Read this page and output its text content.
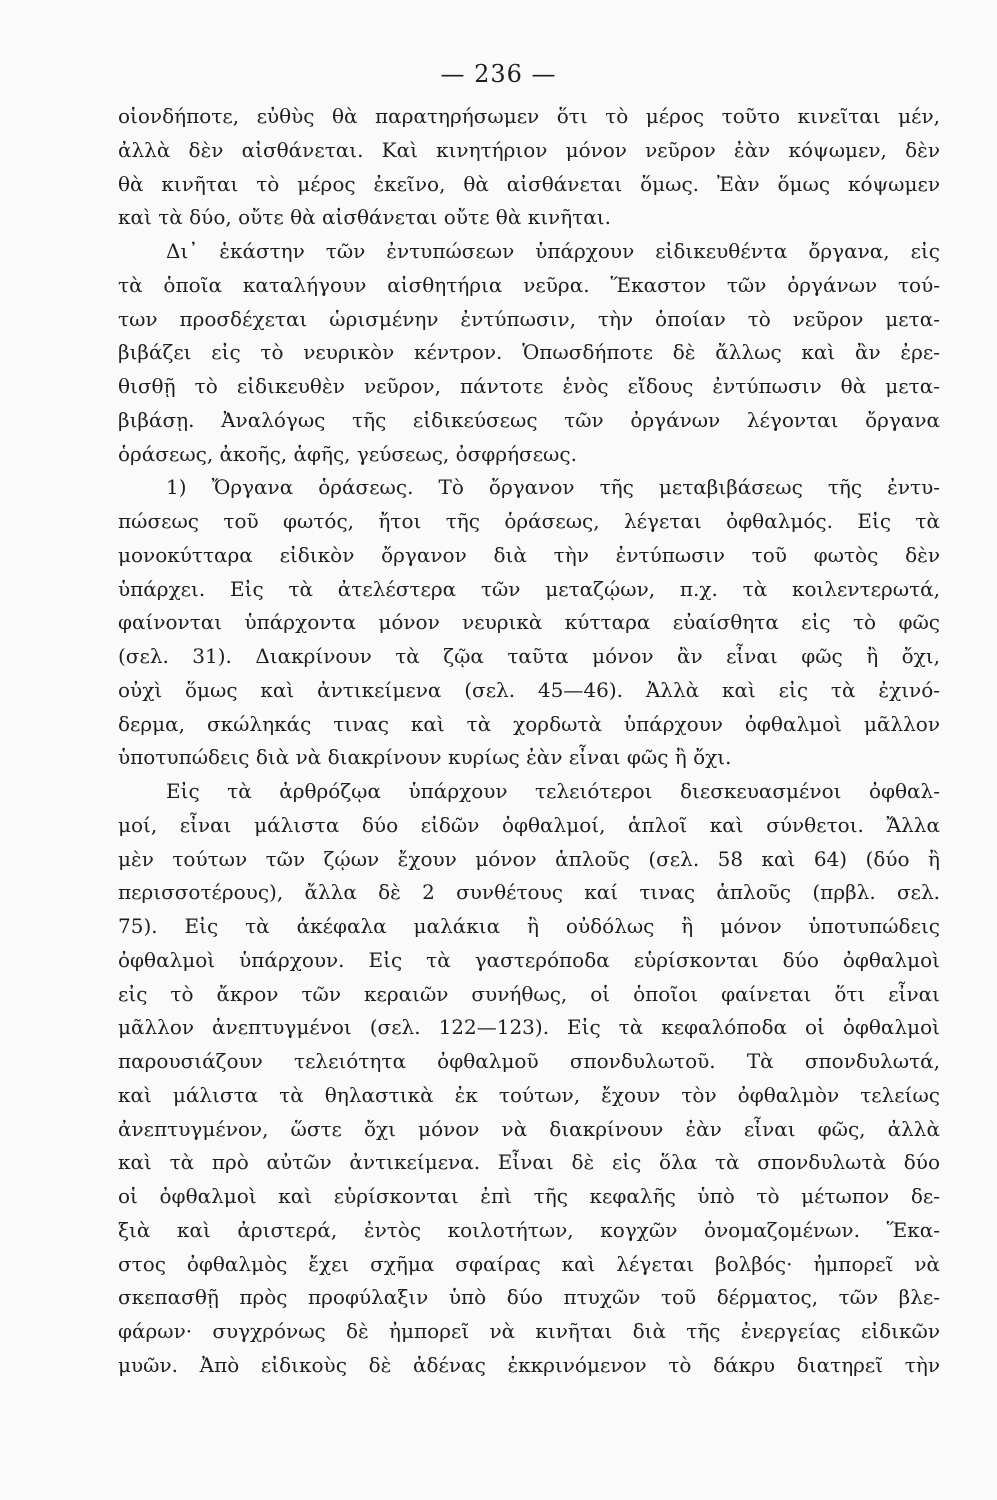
— 236 —
οἱονδήποτε, εὐθὺς θὰ παρατηρήσωμεν ὅτι τὸ μέρος τοῦτο κινεῖται μέν,
ἀλλὰ δὲν αἰσθάνεται. Καὶ κινητήριον μόνον νεῦρον ἐὰν κόψωμεν, δὲν
θὰ κινῆται τὸ μέρος ἐκεῖνο, θὰ αἰσθάνεται ὅμως. Ἐὰν ὅμως κόψωμεν
καὶ τὰ δύο, οὔτε θὰ αἰσθάνεται οὔτε θὰ κινῆται.
Δι᾿ ἑκάστην τῶν ἐντυπώσεων ὑπάρχουν εἰδικευθέντα ὄργανα, εἰς
τὰ ὁποῖα καταλήγουν αἰσθητήρια νεῦρα. Ἕκαστον τῶν ὀργάνων τού-
των προσδέχεται ὡρισμένην ἐντύπωσιν, τὴν ὁποίαν τὸ νεῦρον μετα-
βιβάζει εἰς τὸ νευρικὸν κέντρον. Ὁπωσδήποτε δὲ ἄλλως καὶ ἂν ἐρε-
θισθῇ τὸ εἰδικευθὲν νεῦρον, πάντοτε ἑνὸς εἴδους ἐντύπωσιν θὰ μετα-
βιβάσῃ. Ἀναλόγως τῆς εἰδικεύσεως τῶν ὀργάνων λέγονται ὄργανα
ὁράσεως, ἀκοῆς, ἁφῆς, γεύσεως, ὀσφρήσεως.
1) Ὄργανα ὁράσεως. Τὸ ὄργανον τῆς μεταβιβάσεως τῆς ἐντυ-
πώσεως τοῦ φωτός, ἤτοι τῆς ὁράσεως, λέγεται ὀφθαλμός. Εἰς τὰ
μονοκύτταρα εἰδικὸν ὄργανον διὰ τὴν ἐντύπωσιν τοῦ φωτὸς δὲν
ὑπάρχει. Εἰς τὰ ἀτελέστερα τῶν μεταζῴων, π.χ. τὰ κοιλεντερωτά,
φαίνονται ὑπάρχοντα μόνον νευρικὰ κύτταρα εὐαίσθητα εἰς τὸ φῶς
(σελ. 31). Διακρίνουν τὰ ζῷα ταῦτα μόνον ἂν εἶναι φῶς ἢ ὄχι,
οὐχὶ ὅμως καὶ ἀντικείμενα (σελ. 45—46). Ἀλλὰ καὶ εἰς τὰ ἐχινό-
δερμα, σκώληκάς τινας καὶ τὰ χορδωτὰ ὑπάρχουν ὀφθαλμοὶ μᾶλλον
ὑποτυπώδεις διὰ νὰ διακρίνουν κυρίως ἐὰν εἶναι φῶς ἢ ὄχι.
Εἰς τὰ ἀρθρόζῳα ὑπάρχουν τελειότεροι διεσκευασμένοι ὀφθαλ-
μοί, εἶναι μάλιστα δύο εἰδῶν ὀφθαλμοί, ἁπλοῖ καὶ σύνθετοι. Ἄλλα
μὲν τούτων τῶν ζῴων ἔχουν μόνον ἁπλοῦς (σελ. 58 καὶ 64) (δύο ἢ
περισσοτέρους), ἄλλα δὲ 2 συνθέτους καί τινας ἁπλοῦς (πρβλ. σελ.
75). Εἰς τὰ ἀκέφαλα μαλάκια ἢ οὐδόλως ἢ μόνον ὑποτυπώδεις
ὀφθαλμοὶ ὑπάρχουν. Εἰς τὰ γαστερόποδα εὑρίσκονται δύο ὀφθαλμοὶ
εἰς τὸ ἄκρον τῶν κεραιῶν συνήθως, οἱ ὁποῖοι φαίνεται ὅτι εἶναι
μᾶλλον ἀνεπτυγμένοι (σελ. 122—123). Εἰς τὰ κεφαλόποδα οἱ ὀφθαλμοὶ
παρουσιάζουν τελειότητα ὀφθαλμοῦ σπονδυλωτοῦ. Τὰ σπονδυλωτά,
καὶ μάλιστα τὰ θηλαστικὰ ἐκ τούτων, ἔχουν τὸν ὀφθαλμὸν τελείως
ἀνεπτυγμένον, ὥστε ὄχι μόνον νὰ διακρίνουν ἐὰν εἶναι φῶς, ἀλλὰ
καὶ τὰ πρὸ αὐτῶν ἀντικείμενα. Εἶναι δὲ εἰς ὅλα τὰ σπονδυλωτὰ δύο
οἱ ὀφθαλμοὶ καὶ εὑρίσκονται ἐπὶ τῆς κεφαλῆς ὑπὸ τὸ μέτωπον δε-
ξιὰ καὶ ἀριστερά, ἐντὸς κοιλοτήτων, κογχῶν ὀνομαζομένων. Ἕκα-
στος ὀφθαλμὸς ἔχει σχῆμα σφαίρας καὶ λέγεται βολβός· ἠμπορεῖ νὰ
σκεπασθῇ πρὸς προφύλαξιν ὑπὸ δύο πτυχῶν τοῦ δέρματος, τῶν βλε-
φάρων· συγχρόνως δὲ ἠμπορεῖ νὰ κινῆται διὰ τῆς ἐνεργείας εἰδικῶν
μυῶν. Ἀπὸ εἰδικοὺς δὲ ἀδένας ἐκκρινόμενον τὸ δάκρυ διατηρεῖ τὴν
